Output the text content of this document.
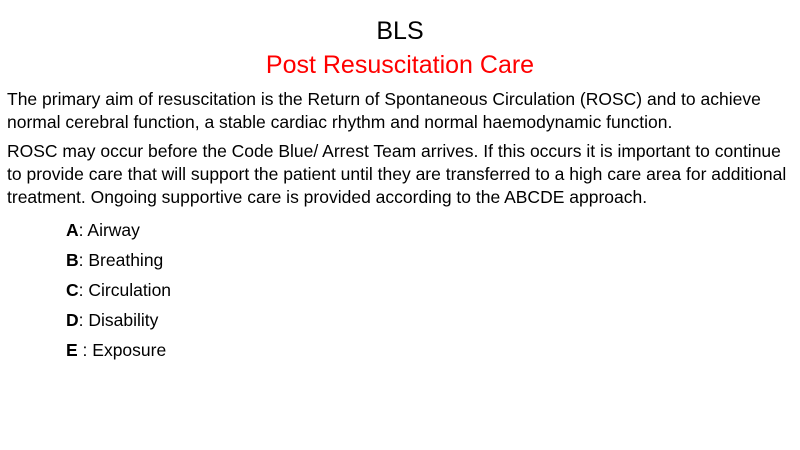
BLS
Post Resuscitation Care

The primary aim of resuscitation is the Return of Spontaneous Circulation (ROSC) and to achieve normal cerebral function, a stable cardiac rhythm and normal haemodynamic function.

ROSC may occur before the Code Blue/ Arrest Team arrives. If this occurs it is important to continue to provide care that will support the patient until they are transferred to a high care area for additional treatment. Ongoing supportive care is provided according to the ABCDE approach.

A: Airway
B: Breathing
C: Circulation
D: Disability
E : Exposure
